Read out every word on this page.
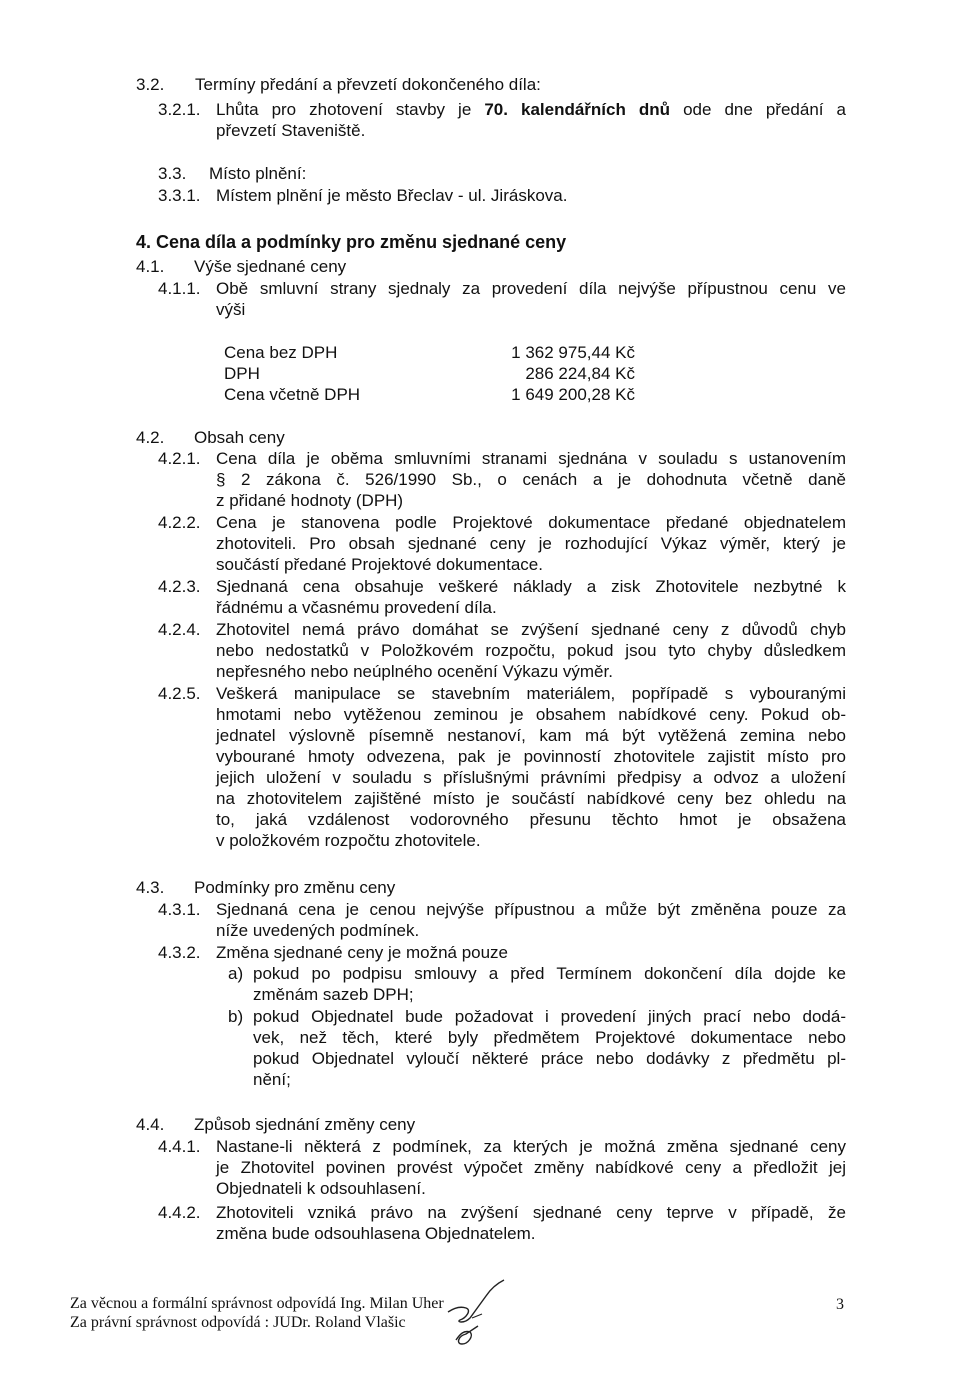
3.2. Termíny předání a převzetí dokončeného díla:
3.2.1. Lhůta pro zhotovení stavby je 70. kalendářních dnů ode dne předání a
převzetí Staveniště.
3.3. Místo plnění:
3.3.1. Místem plnění je město Břeclav - ul. Jiráskova.
4. Cena díla a podmínky pro změnu sjednané ceny
4.1. Výše sjednané ceny
4.1.1. Obě smluvní strany sjednaly za provedení díla nejvýše přípustnou cenu ve
výši
Cena bez DPH	1 362 975,44 Kč
DPH	286 224,84 Kč
Cena včetně DPH	1 649 200,28 Kč
4.2. Obsah ceny
4.2.1. Cena díla je oběma smluvními stranami sjednána v souladu s ustanovením
§ 2 zákona č. 526/1990 Sb., o cenách a je dohodnuta včetně daně
z přidané hodnoty (DPH)
4.2.2. Cena je stanovena podle Projektové dokumentace předané objednatelem
zhotoviteli. Pro obsah sjednané ceny je rozhodující Výkaz výměr, který je
součástí předané Projektové dokumentace.
4.2.3. Sjednaná cena obsahuje veškeré náklady a zisk Zhotovitele nezbytné k
řádnému a včasnému provedení díla.
4.2.4. Zhotovitel nemá právo domáhat se zvýšení sjednané ceny z důvodů chyb
nebo nedostatků v Položkovém rozpočtu, pokud jsou tyto chyby důsledkem
nepřesného nebo neúplného ocenění Výkazu výměr.
4.2.5. Veškerá manipulace se stavebním materiálem, popřípadě s vybouranými
hmotami nebo vytěženou zeminou je obsahem nabídkové ceny. Pokud ob-
jednatel výslovně písemně nestanoví, kam má být vytěžená zemina nebo
vybourané hmoty odvezena, pak je povinností zhotovitele zajistit místo pro
jejich uložení v souladu s příslušnými právními předpisy a odvoz a uložení
na zhotovitelem zajištěné místo je součástí nabídkové ceny bez ohledu na
to, jaká vzdálenost vodorovného přesunu těchto hmot je obsažena
v položkovém rozpočtu zhotovitele.
4.3. Podmínky pro změnu ceny
4.3.1. Sjednaná cena je cenou nejvýše přípustnou a může být změněna pouze za
níže uvedených podmínek.
4.3.2. Změna sjednané ceny je možná pouze
a) pokud po podpisu smlouvy a před Termínem dokončení díla dojde ke
změnám sazeb DPH;
b) pokud Objednatel bude požadovat i provedení jiných prací nebo dodá-
vek, než těch, které byly předmětem Projektové dokumentace nebo
pokud Objednatel vyloučí některé práce nebo dodávky z předmětu pl-
nění;
4.4. Způsob sjednání změny ceny
4.4.1. Nastane-li některá z podmínek, za kterých je možná změna sjednané ceny
je Zhotovitel povinen provést výpočet změny nabídkové ceny a předložit jej
Objednateli k odsouhlasení.
4.4.2. Zhotoviteli vzniká právo na zvýšení sjednané ceny teprve v případě, že
změna bude odsouhlasena Objednatelem.
Za věcnou a formální správnost odpovídá Ing. Milan Uher
Za právní správnost odpovídá : JUDr. Roland Vlašic
3
